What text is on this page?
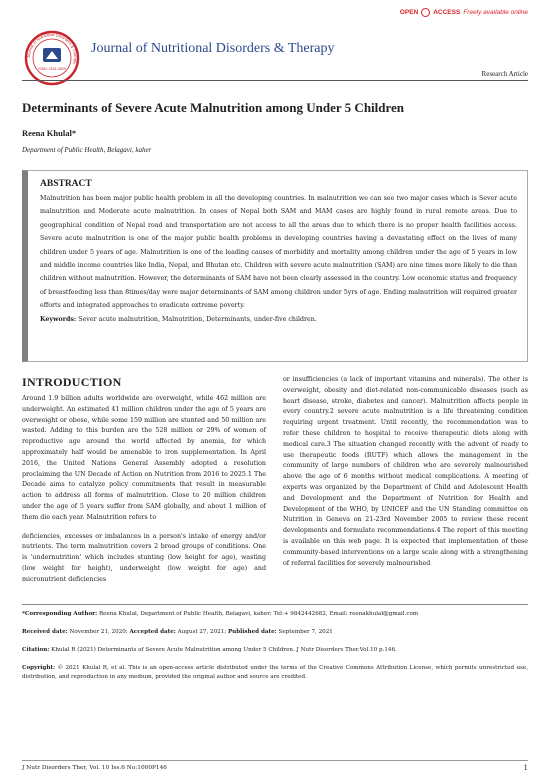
OPEN ACCESS Freely available online
Journal of Nutritional Disorders & Therapy
ISSN: 2161-0509
Journal of Nutritional Disorders & Therapy
Research Article
Determinants of Severe Acute Malnutrition among Under 5 Children
Reena Khulal*
Department of Public Health, Belagavi, kaher
ABSTRACT
Malnutrition has been major public health problem in all the developing countries. In malnutrition we can see two major cases which is Sever acute malnutrition and Moderate acute malnutrition. In cases of Nepal both SAM and MAM cases are highly found in rural remote areas. Due to geographical condition of Nepal road and transportation are not access to all the areas due to which there is no proper health facilities access. Severe acute malnutrition is one of the major public health problems in developing countries having a devastating effect on the lives of many children under 5 years of age. Malnutrition is one of the leading causes of morbidity and mortality among children under the age of 5 years in low and middle income countries like India, Nepal, and Bhutan etc. Children with severe acute malnutrition (SAM) are nine times more likely to die than children without malnutrition. However, the determinants of SAM have not been clearly assessed in the country. Low economic status and frequency of breastfeeding less than 8times/day were major determinants of SAM among children under 5yrs of age. Ending malnutrition will required greater efforts and integrated approaches to eradicate extreme poverty.
Keywords: Sever acute malnutrition, Malnutrition, Determinants, under-five children.
INTRODUCTION

Around 1.9 billion adults worldwide are overweight, while 462 million are underweight. An estimated 41 million children under the age of 5 years are overweight or obese, while some 159 million are stunted and 50 million are wasted. Adding to this burden are the 528 million or 29% of women of reproductive age around the world affected by anemia, for which approximately half would be amenable to iron supplementation. In April 2016, the United Nations General Assembly adopted a resolution proclaiming the UN Decade of Action on Nutrition from 2016 to 2025.1 The Decade aims to catalyze policy commitments that result in measurable action to address all forms of malnutrition. Close to 20 million children under the age of 5 years suffer from SAM globally, and about 1 million of them die each year. Malnutrition refers to

deficiencies, excesses or imbalances in a person's intake of energy and/or nutrients. The term malnutrition covers 2 broad groups of conditions. One is 'undernutrition' which includes stunting (low height for age), wasting (low weight for height), underweight (low weight for age) and micronutrient deficiencies

or insufficiencies (a lack of important vitamins and minerals). The other is overweight, obesity and diet-related non-communicable diseases (such as heart disease, stroke, diabetes and cancer). Malnutrition affects people in every country.2 severe acute malnutrition is a life threatening condition requiring urgent treatment. Until recently, the recommendation was to refer these children to hospital to receive therapeutic diets along with medical care.3 The situation changed recently with the advent of ready to use therapeutic foods (RUTF) which allows the management in the community of large numbers of children who are severely malnourished above the age of 6 months without medical complications. A meeting of experts was organized by the Department of Child and Adolescent Health and Development and the Department of Nutrition for Health and Development of the WHO, by UNICEF and the UN Standing committee on Nutrition in Geneva on 21-23rd November 2005 to review these recent developments and formulate recommendations.4 The report of this meeting is available on this web page. It is expected that implementation of these community-based interventions on a large scale along with a strengthening of referral facilities for severely malnourished

*Corresponding Author: Reena Khulal, Department of Public Health, Belagavi, kaher; Tel:+ 9842442682, Email: reenakhulal@gmail.com
Received date: November 21, 2020; Accepted date: August 27, 2021; Published date: September 7, 2021
Citation: Khulal R (2021) Determinants of Severe Acute Malnutrition among Under 5 Children. J Nutr Disorders Ther.Vol.10 p.146.
Copyright: © 2021 Khulal R, et al. This is an open-access article distributed under the terms of the Creative Commons Attribution License, which permits unrestricted use, distribution, and reproduction in any medium, provided the original author and source are credited.
J Nutr Disorders Ther, Vol. 10 Iss.6 No:1000P146	1
